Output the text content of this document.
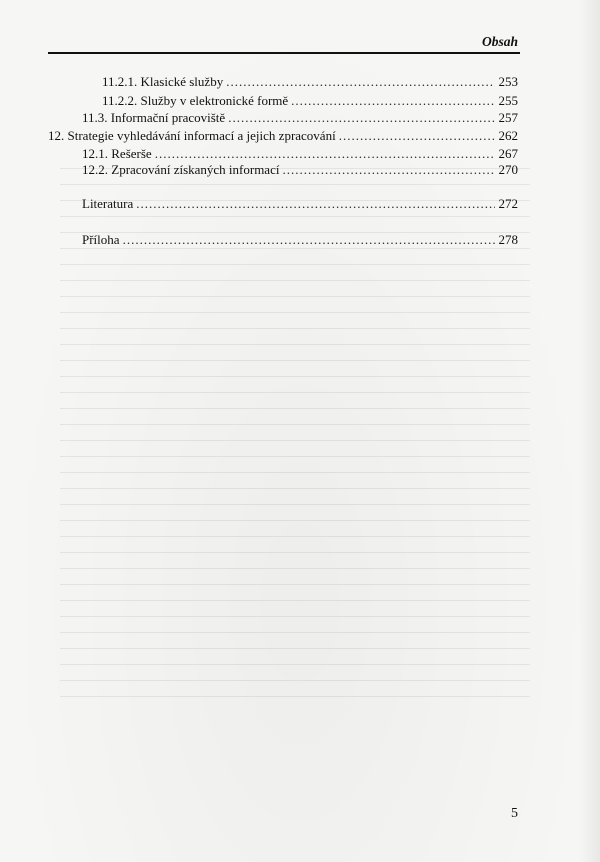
Obsah
11.2.1. Klasické služby .....	253
11.2.2. Služby v elektronické formě .....	255
11.3. Informační pracoviště .....	257
12. Strategie vyhledávání informací a jejich zpracování .....	262
12.1. Rešerše .....	267
12.2. Zpracování získaných informací .....	270
Literatura .....	272
Příloha .....	278
5
